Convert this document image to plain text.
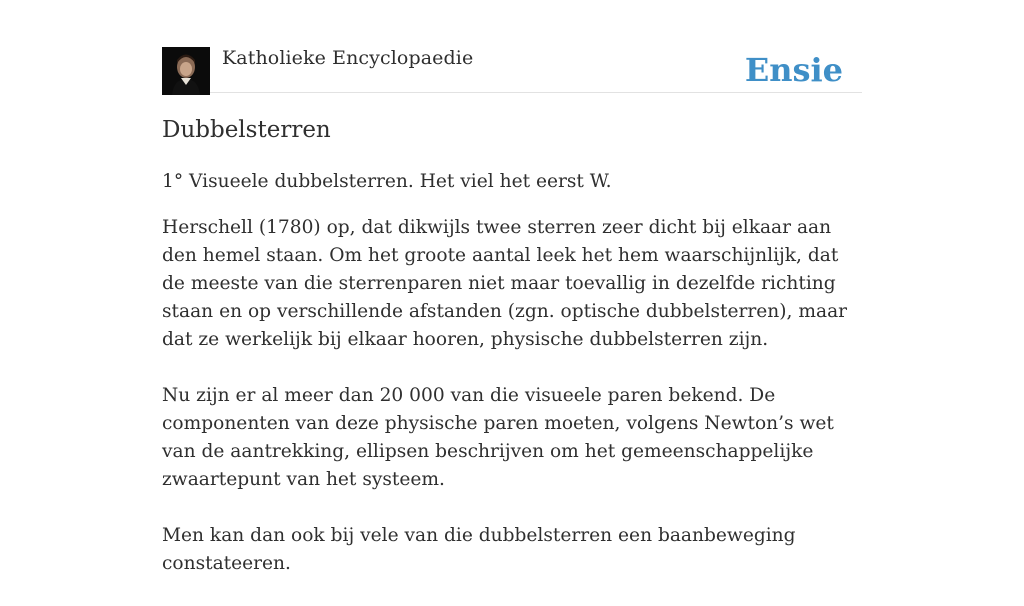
Katholieke Encyclopaedie	Ensie
Dubbelsterren

1° Visueele dubbelsterren. Het viel het eerst W.

Herschell (1780) op, dat dikwijls twee sterren zeer dicht bij elkaar aan den hemel staan. Om het groote aantal leek het hem waarschijnlijk, dat de meeste van die sterrenparen niet maar toevallig in dezelfde richting staan en op verschillende afstanden (zgn. optische dubbelsterren), maar dat ze werkelijk bij elkaar hooren, physische dubbelsterren zijn.

Nu zijn er al meer dan 20 000 van die visueele paren bekend. De componenten van deze physische paren moeten, volgens Newton’s wet van de aantrekking, ellipsen beschrijven om het gemeenschappelijke zwaartepunt van het systeem.

Men kan dan ook bij vele van die dubbelsterren een baanbeweging constateeren.
